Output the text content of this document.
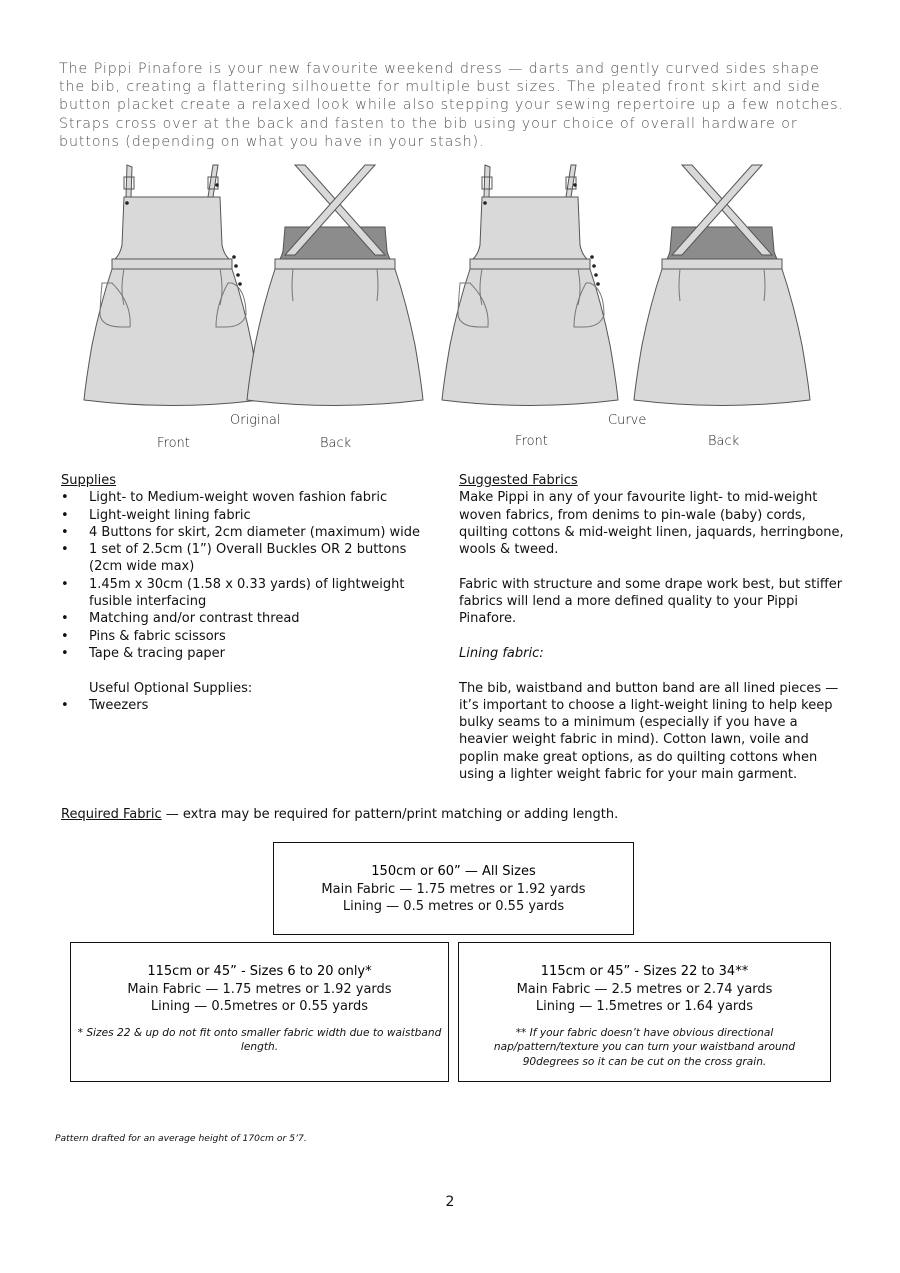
The Pippi Pinafore is your new favourite weekend dress — darts and gently curved sides shape the bib, creating a flattering silhouette for multiple bust sizes. The pleated front skirt and side button placket create a relaxed look while also stepping your sewing repertoire up a few notches. Straps cross over at the back and fasten to the bib using your choice of overall hardware or buttons (depending on what you have in your stash).

Original
Front	Back
Curve
Front	Back
Supplies
• Light- to Medium-weight woven fashion fabric
• Light-weight lining fabric
• 4 Buttons for skirt, 2cm diameter (maximum) wide
• 1 set of 2.5cm (1”) Overall Buckles OR 2 buttons (2cm wide max)
• 1.45m x 30cm (1.58 x 0.33 yards) of lightweight fusible interfacing
• Matching and/or contrast thread
• Pins & fabric scissors
• Tape & tracing paper
Useful Optional Supplies:
• Tweezers
Suggested Fabrics

Make Pippi in any of your favourite light- to mid-weight woven fabrics, from denims to pin-wale (baby) cords, quilting cottons & mid-weight linen, jaquards, herringbone, wools & tweed.

Fabric with structure and some drape work best, but stiffer fabrics will lend a more defined quality to your Pippi Pinafore.

Lining fabric:

The bib, waistband and button band are all lined pieces — it’s important to choose a light-weight lining to help keep bulky seams to a minimum (especially if you have a heavier weight fabric in mind). Cotton lawn, voile and poplin make great options, as do quilting cottons when using a lighter weight fabric for your main garment.

Required Fabric — extra may be required for pattern/print matching or adding length.
150cm or 60” — All Sizes
Main Fabric — 1.75 metres or 1.92 yards
Lining — 0.5 metres or 0.55 yards
115cm or 45” - Sizes 6 to 20 only*
Main Fabric — 1.75 metres or 1.92 yards
Lining — 0.5metres or 0.55 yards
* Sizes 22 & up do not fit onto smaller fabric width due to waistband length.
115cm or 45” - Sizes 22 to 34**
Main Fabric — 2.5 metres or 2.74 yards
Lining — 1.5metres or 1.64 yards
** If your fabric doesn’t have obvious directional nap/pattern/texture you can turn your waistband around 90degrees so it can be cut on the cross grain.
Pattern drafted for an average height of 170cm or 5’7.
2
